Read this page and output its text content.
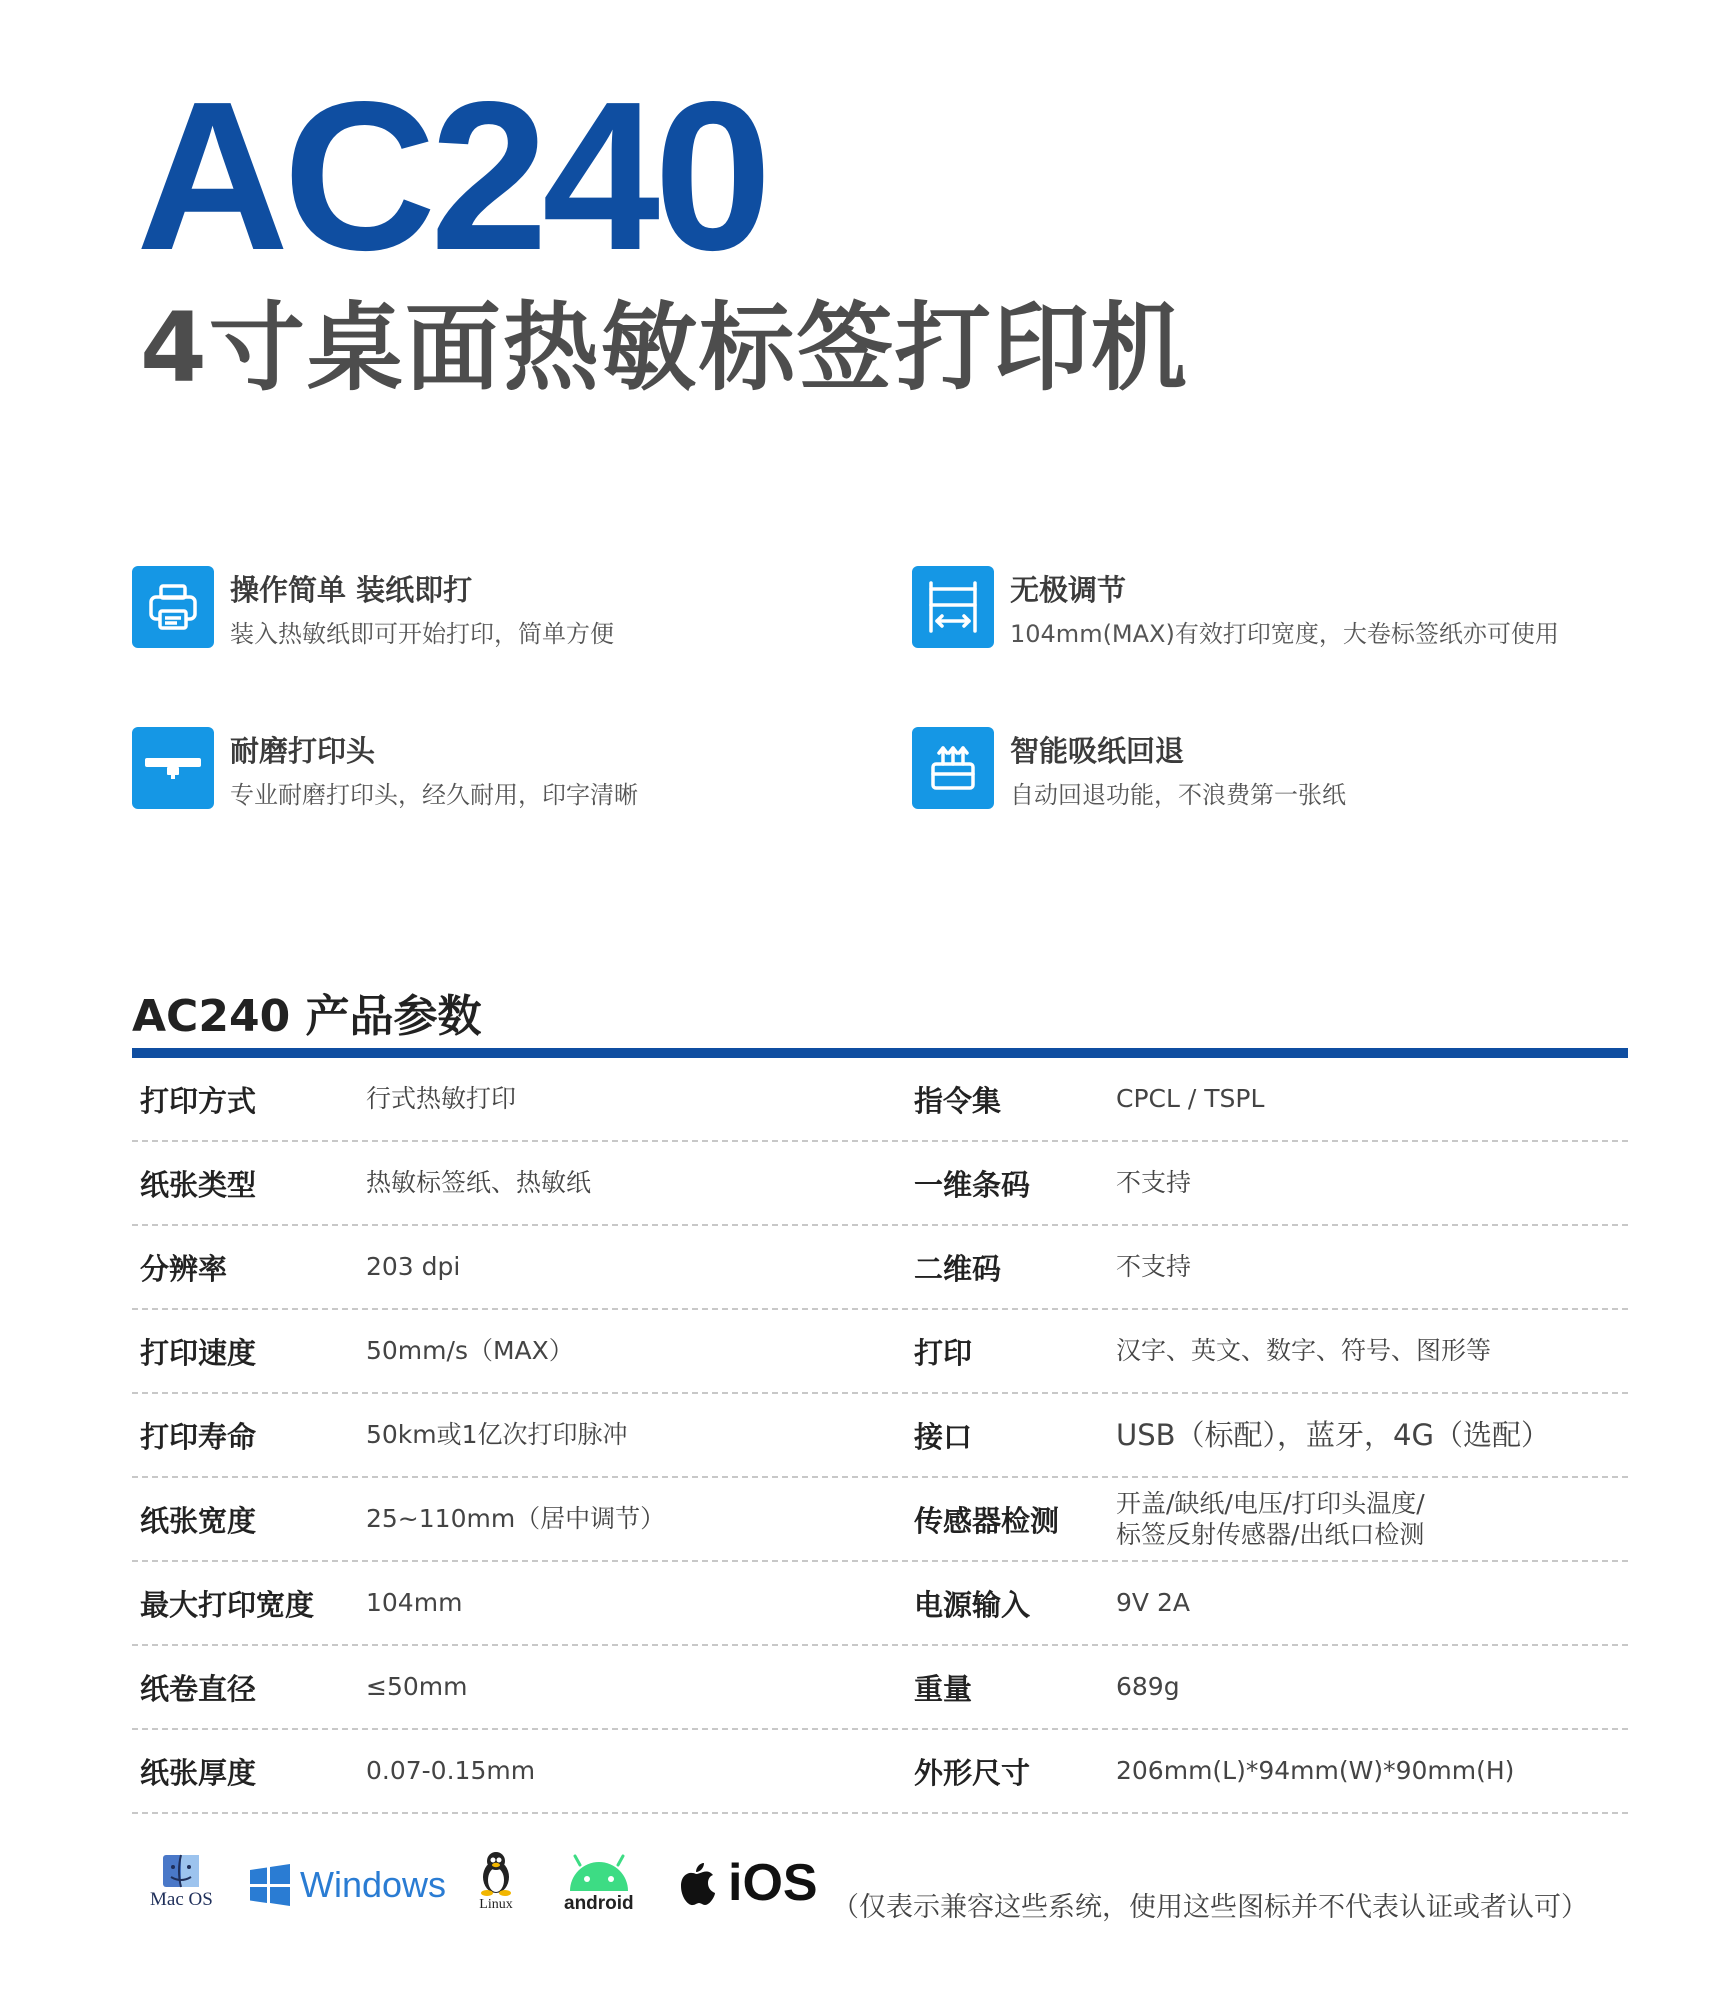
AC240
4寸桌面热敏标签打印机
操作简单 装纸即打
装入热敏纸即可开始打印，简单方便
无极调节
104mm(MAX)有效打印宽度，大卷标签纸亦可使用
耐磨打印头
专业耐磨打印头，经久耐用，印字清晰
智能吸纸回退
自动回退功能，不浪费第一张纸
AC240 产品参数
打印方式	行式热敏打印	指令集	CPCL / TSPL
纸张类型	热敏标签纸、热敏纸	一维条码	不支持
分辨率	203 dpi	二维码	不支持
打印速度	50mm/s（MAX）	打印	汉字、英文、数字、符号、图形等
打印寿命	50km或1亿次打印脉冲	接口	USB（标配），蓝牙，4G（选配）
纸张宽度	25~110mm（居中调节）	传感器检测
开盖/缺纸/电压/打印头温度/
标签反射传感器/出纸口检测
最大打印宽度 104mm	电源输入	9V 2A
纸卷直径	≤50mm	重量	689g
纸张厚度	0.07-0.15mm	外形尺寸	206mm(L)*94mm(W)*90mm(H)
Mac OS Windows Linux	android iOS （仅表示兼容这些系统，使用这些图标并不代表认证或者认可）
